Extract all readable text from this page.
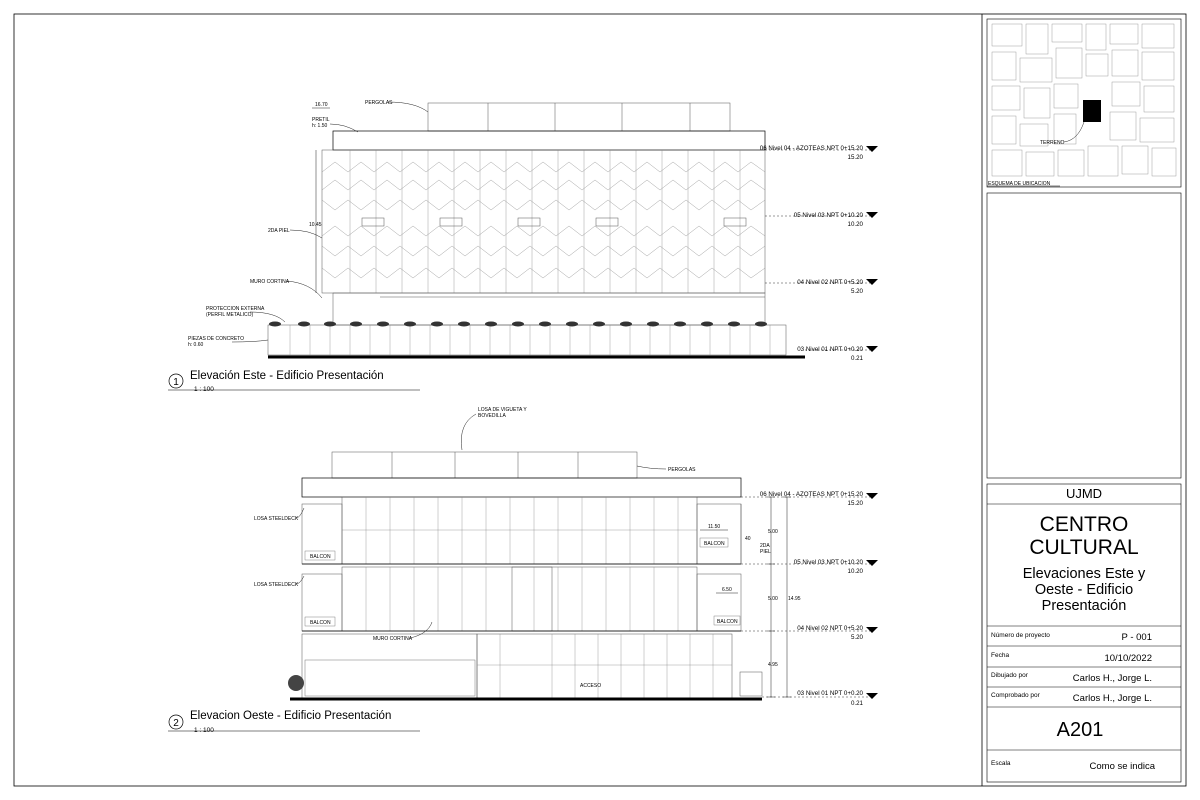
06 Nivel 04 - AZOTEAS NPT 0+15.20
15.20
05 Nivel 03 NPT 0+10.20
10.20
04 Nivel 02 NPT 0+5.20
5.20
03 Nivel 01 NPT 0+0.20
0.21
16.70	PERGOLAS
PRETIL
h: 1.50
2DA PIEL
10.45
MURO CORTINA
PROTECCION EXTERNA
(PERFIL METALICO)
PIEZAS DE CONCRETO
h: 0.60
1
Elevación Este - Edificio Presentación
1 : 100
06 Nivel 04 - AZOTEAS NPT 0+15.20
15.20
05 Nivel 03 NPT 0+10.20
10.20
04 Nivel 02 NPT 0+5.20
5.20
03 Nivel 01 NPT 0+0.20
0.21
5.00
5.00
4.95
14.95
LOSA DE VIGUETA Y
BOVEDILLA
PERGOLAS
LOSA STEELDECK
LOSA STEELDECK
BALCON
BALCON
BALCON
BALCON
11.50
6.50
40
2DA
PIEL
MURO CORTINA
ACCESO
2
Elevacion Oeste - Edificio Presentación
1 : 100
TERRENO
ESQUEMA DE UBICACION
UJMD
CENTRO
CULTURAL
Elevaciones Este y
Oeste - Edificio
Presentación
Número de proyecto	P - 001
Fecha	10/10/2022
Dibujado por	Carlos H., Jorge L.
Comprobado por	Carlos H., Jorge L.
A201
Escala	Como se indica
